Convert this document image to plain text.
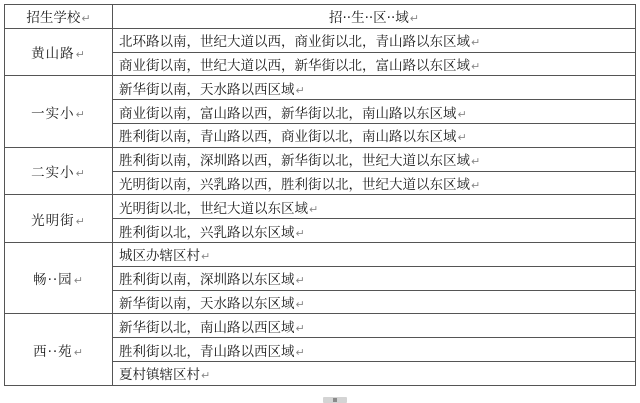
招生学校↵	招··生··区··域↵
黄山路↵	北环路以南，世纪大道以西，商业街以北，青山路以东区域↵
	商业街以南，世纪大道以西，新华街以北，富山路以东区域↵
一实小↵	新华街以南，天水路以西区域↵
	商业街以南，富山路以西，新华街以北，南山路以东区域↵
	胜利街以南，青山路以西，商业街以北，南山路以东区域↵
二实小↵	胜利街以南，深圳路以西，新华街以北，世纪大道以东区域↵
	光明街以南，兴乳路以西，胜利街以北，世纪大道以东区域↵
光明街↵	光明街以北，世纪大道以东区域↵
	胜利街以北，兴乳路以东区域↵
畅··园↵	城区办辖区村↵
	胜利街以南，深圳路以东区域↵
	新华街以南，天水路以东区域↵
西··苑↵	新华街以北，南山路以西区域↵
	胜利街以北，青山路以西区域↵
	夏村镇辖区村↵
